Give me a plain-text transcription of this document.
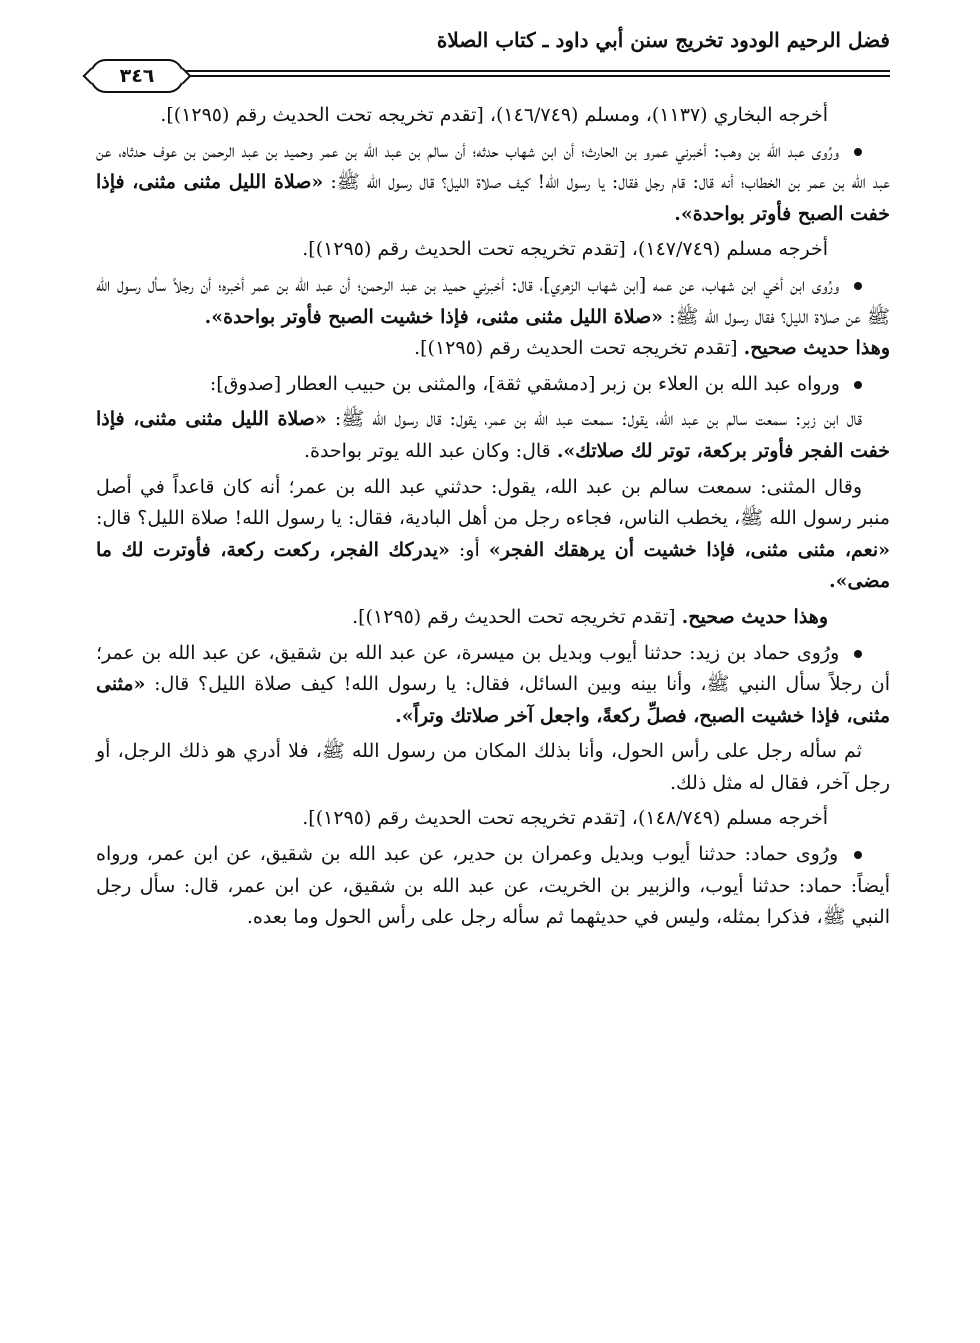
فضل الرحيم الودود تخريج سنن أبي داود ـ كتاب الصلاة
٣٤٦

أخرجه البخاري (١١٣٧)، ومسلم (١٤٦/٧٤٩)، [تقدم تخريجه تحت الحديث رقم (١٢٩٥)].

ورُوى عبد الله بن وهب: أخبرني عمرو بن الحارث؛ أن ابن شهاب حدثه؛ أن سالم بن عبد الله بن عمر وحميد بن عبد الرحمن بن عوف حدثاه، عن عبد الله بن عمر بن الخطاب؛ أنه قال: قام رجل فقال: يا رسول الله! كيف صلاة الليل؟ قال رسول الله ﷺ: «صلاة الليل مثنى مثنى، فإذا خفت الصبح فأوتر بواحدة».

أخرجه مسلم (١٤٧/٧٤٩)، [تقدم تخريجه تحت الحديث رقم (١٢٩٥)].

ورُوى ابن أخي ابن شهاب، عن عمه [ابن شهاب الزهري]، قال: أخبرني حميد بن عبد الرحمن؛ أن عبد الله بن عمر أخبره؛ أن رجلاً سأل رسول الله ﷺ عن صلاة الليل؟ فقال رسول الله ﷺ: «صلاة الليل مثنى مثنى، فإذا خشيت الصبح فأوتر بواحدة».
وهذا حديث صحيح. [تقدم تخريجه تحت الحديث رقم (١٢٩٥)].

ورواه عبد الله بن العلاء بن زبر [دمشقي ثقة]، والمثنى بن حبيب العطار [صدوق]:

قال ابن زبر: سمعت سالم بن عبد الله، يقول: سمعت عبد الله بن عمر، يقول: قال رسول الله ﷺ: «صلاة الليل مثنى مثنى، فإذا خفت الفجر فأوتر بركعة، توتر لك صلاتك». قال: وكان عبد الله يوتر بواحدة.

وقال المثنى: سمعت سالم بن عبد الله، يقول: حدثني عبد الله بن عمر؛ أنه كان قاعداً في أصل منبر رسول الله ﷺ، يخطب الناس، فجاءه رجل من أهل البادية، فقال: يا رسول الله! صلاة الليل؟ قال: «نعم، مثنى مثنى، فإذا خشيت أن يرهقك الفجر» أو: «يدركك الفجر، ركعت ركعة، فأوترت لك ما مضى».

وهذا حديث صحيح. [تقدم تخريجه تحت الحديث رقم (١٢٩٥)].

ورُوى حماد بن زيد: حدثنا أيوب وبديل بن ميسرة، عن عبد الله بن شقيق، عن عبد الله بن عمر؛ أن رجلاً سأل النبي ﷺ، وأنا بينه وبين السائل، فقال: يا رسول الله! كيف صلاة الليل؟ قال: «مثنى مثنى، فإذا خشيت الصبح، فصلِّ ركعةً، واجعل آخر صلاتك وتراً».

ثم سأله رجل على رأس الحول، وأنا بذلك المكان من رسول الله ﷺ، فلا أدري هو ذلك الرجل، أو رجل آخر، فقال له مثل ذلك.

أخرجه مسلم (١٤٨/٧٤٩)، [تقدم تخريجه تحت الحديث رقم (١٢٩٥)].

ورُوى حماد: حدثنا أيوب وبديل وعمران بن حدير، عن عبد الله بن شقيق، عن ابن عمر، ورواه أيضاً: حماد: حدثنا أيوب، والزبير بن الخريت، عن عبد الله بن شقيق، عن ابن عمر، قال: سأل رجل النبي ﷺ، فذكرا بمثله، وليس في حديثهما ثم سأله رجل على رأس الحول وما بعده.
